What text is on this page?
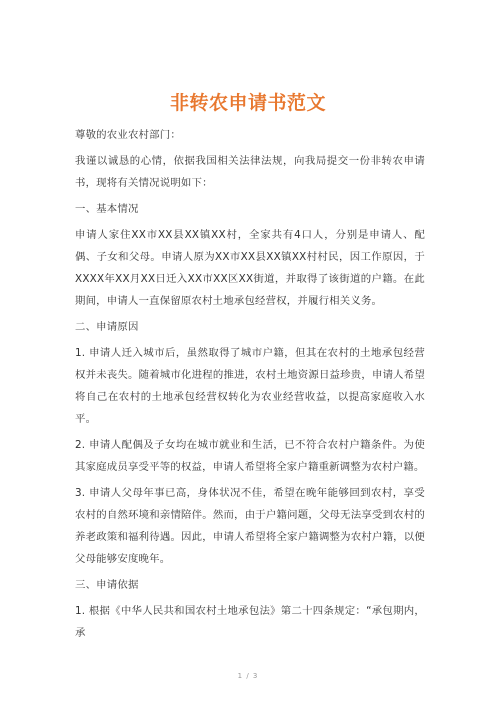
非转农申请书范文

尊敬的农业农村部门：

我谨以诚恳的心情，依据我国相关法律法规，向我局提交一份非转农申请书，现将有关情况说明如下：

一、基本情况

申请人家住XX市XX县XX镇XX村，全家共有4口人，分别是申请人、配偶、子女和父母。申请人原为XX市XX县XX镇XX村村民，因工作原因，于XXXX年XX月XX日迁入XX市XX区XX街道，并取得了该街道的户籍。在此期间，申请人一直保留原农村土地承包经营权，并履行相关义务。

二、申请原因

1. 申请人迁入城市后，虽然取得了城市户籍，但其在农村的土地承包经营权并未丧失。随着城市化进程的推进，农村土地资源日益珍贵，申请人希望将自己在农村的土地承包经营权转化为农业经营收益，以提高家庭收入水平。

2. 申请人配偶及子女均在城市就业和生活，已不符合农村户籍条件。为使其家庭成员享受平等的权益，申请人希望将全家户籍重新调整为农村户籍。

3. 申请人父母年事已高，身体状况不佳，希望在晚年能够回到农村，享受农村的自然环境和亲情陪伴。然而，由于户籍问题，父母无法享受到农村的养老政策和福利待遇。因此，申请人希望将全家户籍调整为农村户籍，以便父母能够安度晚年。

三、申请依据

1. 根据《中华人民共和国农村土地承包法》第二十四条规定：“承包期内，承

1 / 3
